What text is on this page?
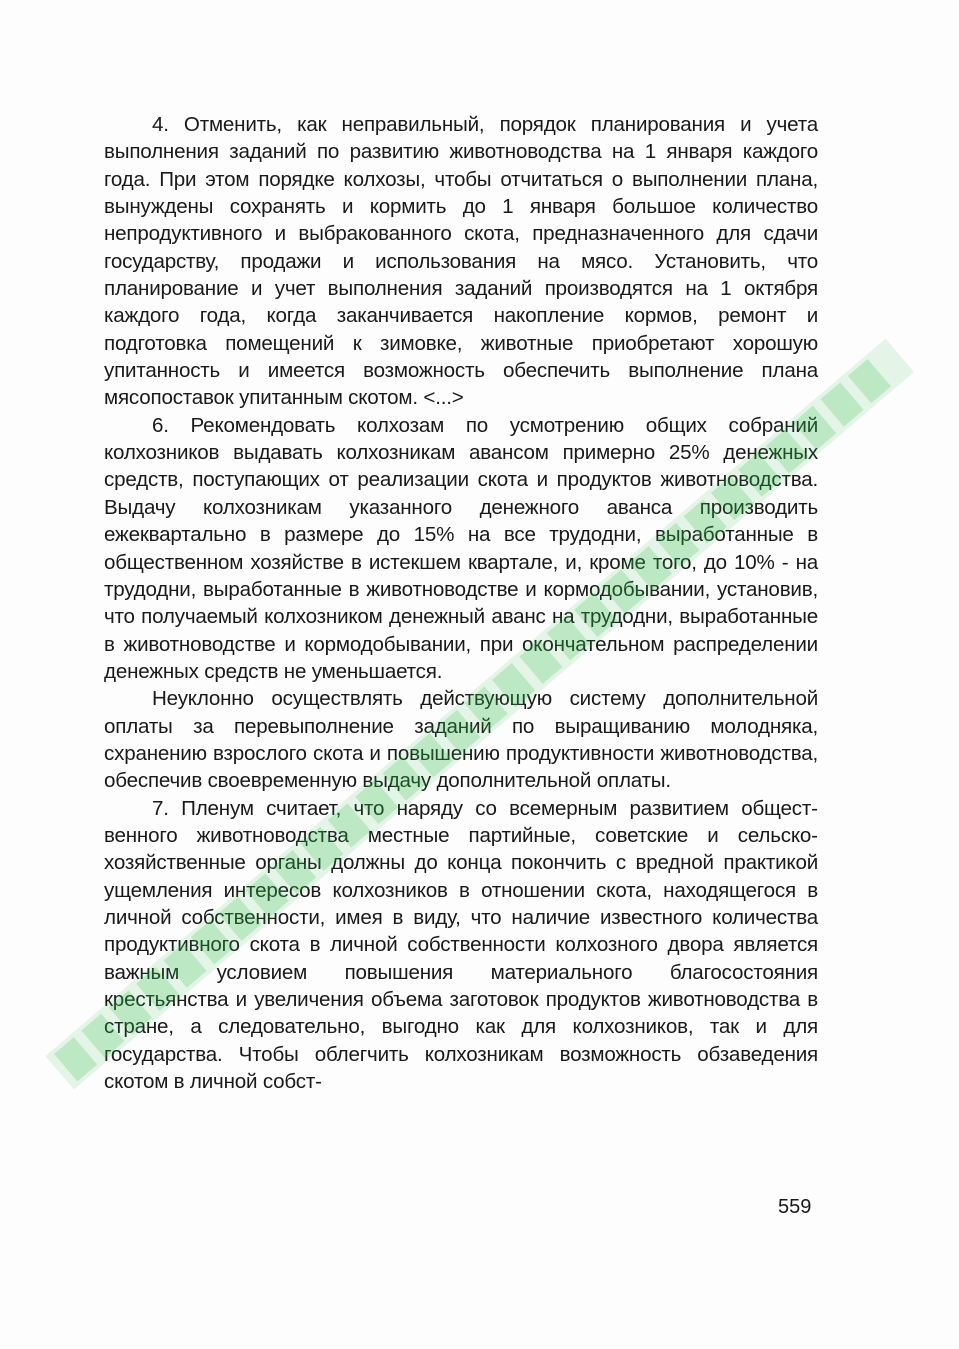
4. Отменить, как неправильный, порядок планирования и учета выполнения заданий по развитию животноводства на 1 января каждого года. При этом порядке колхозы, чтобы отчитаться о выполнении плана, вынуждены сохранять и кормить до 1 января большое количество непродуктивного и выбракованного скота, предназначенного для сдачи государству, продажи и использования на мясо. Установить, что планирование и учет выполнения заданий производятся на 1 октября каждого года, когда заканчивается накопление кормов, ремонт и подготовка помещений к зимовке, животные приобретают хорошую упитанность и имеется возможность обеспечить выполнение плана мясопоставок упитанным скотом. <...>

6. Рекомендовать колхозам по усмотрению общих собраний колхозников выдавать колхозникам авансом примерно 25% денежных средств, поступающих от реализации скота и продуктов животноводства. Выдачу колхозникам указанного денежного аванса производить ежеквартально в размере до 15% на все трудодни, выработанные в общественном хозяйстве в истекшем квартале, и, кроме того, до 10% - на трудодни, выработанные в животноводстве и кормодобывании, установив, что получаемый колхозником денежный аванс на трудодни, выработанные в животноводстве и кормодобывании, при окончательном распределении денежных средств не уменьшается.

Неуклонно осуществлять действующую систему дополнительной оплаты за перевыполнение заданий по выращиванию молодняка, схранению взрослого скота и повышению продуктивности животноводства, обеспечив своевременную выдачу дополнительной оплаты.

7. Пленум считает, что наряду со всемерным развитием общественного животноводства местные партийные, советские и сельскохозяйственные органы должны до конца покончить с вредной практикой ущемления интересов колхозников в отношении скота, находящегося в личной собственности, имея в виду, что наличие известного количества продуктивного скота в личной собственности колхозного двора является важным условием повышения материального благосостояния крестьянства и увеличения объема заготовок продуктов животноводства в стране, а следовательно, выгодно как для колхозников, так и для государства. Чтобы облегчить колхозникам возможность обзаведения скотом в личной собст-

559
